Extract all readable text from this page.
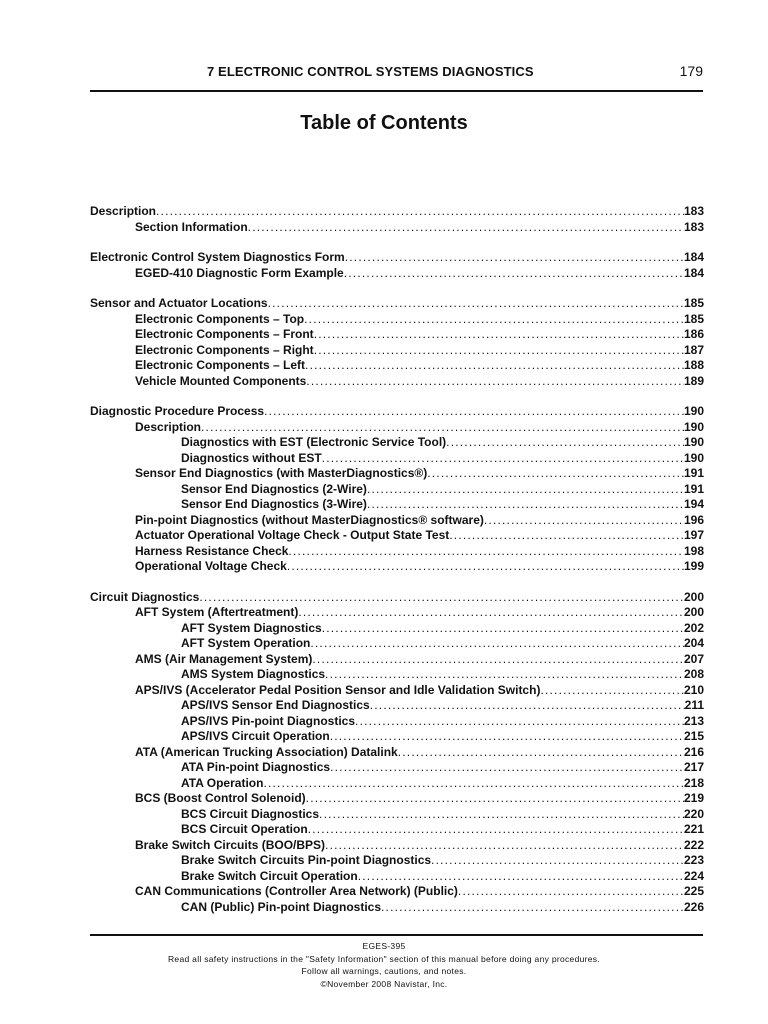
7 ELECTRONIC CONTROL SYSTEMS DIAGNOSTICS	179
Table of Contents
Description .....	183
Section Information .....	183
Electronic Control System Diagnostics Form .....	184
EGED-410 Diagnostic Form Example .....	184
Sensor and Actuator Locations .....	185
Electronic Components – Top .....	185
Electronic Components – Front .....	186
Electronic Components – Right .....	187
Electronic Components – Left .....	188
Vehicle Mounted Components .....	189
Diagnostic Procedure Process .....	190
Description .....	190
Diagnostics with EST (Electronic Service Tool) .....	190
Diagnostics without EST .....	190
Sensor End Diagnostics (with MasterDiagnostics®) .....	191
Sensor End Diagnostics (2-Wire) .....	191
Sensor End Diagnostics (3-Wire) .....	194
Pin-point Diagnostics (without MasterDiagnostics® software) .....	196
Actuator Operational Voltage Check - Output State Test .....	197
Harness Resistance Check .....	198
Operational Voltage Check .....	199
Circuit Diagnostics .....	200
AFT System (Aftertreatment) .....	200
AFT System Diagnostics .....	202
AFT System Operation .....	204
AMS (Air Management System) .....	207
AMS System Diagnostics .....	208
APS/IVS (Accelerator Pedal Position Sensor and Idle Validation Switch) .....	210
APS/IVS Sensor End Diagnostics .....	211
APS/IVS Pin-point Diagnostics .....	213
APS/IVS Circuit Operation .....	215
ATA (American Trucking Association) Datalink .....	216
ATA Pin-point Diagnostics .....	217
ATA Operation .....	218
BCS (Boost Control Solenoid) .....	219
BCS Circuit Diagnostics .....	220
BCS Circuit Operation .....	221
Brake Switch Circuits (BOO/BPS) .....	222
Brake Switch Circuits Pin-point Diagnostics .....	223
Brake Switch Circuit Operation .....	224
CAN Communications (Controller Area Network) (Public) .....	225
CAN (Public) Pin-point Diagnostics .....	226
EGES-395
Read all safety instructions in the "Safety Information" section of this manual before doing any procedures.
Follow all warnings, cautions, and notes.
©November 2008 Navistar, Inc.
